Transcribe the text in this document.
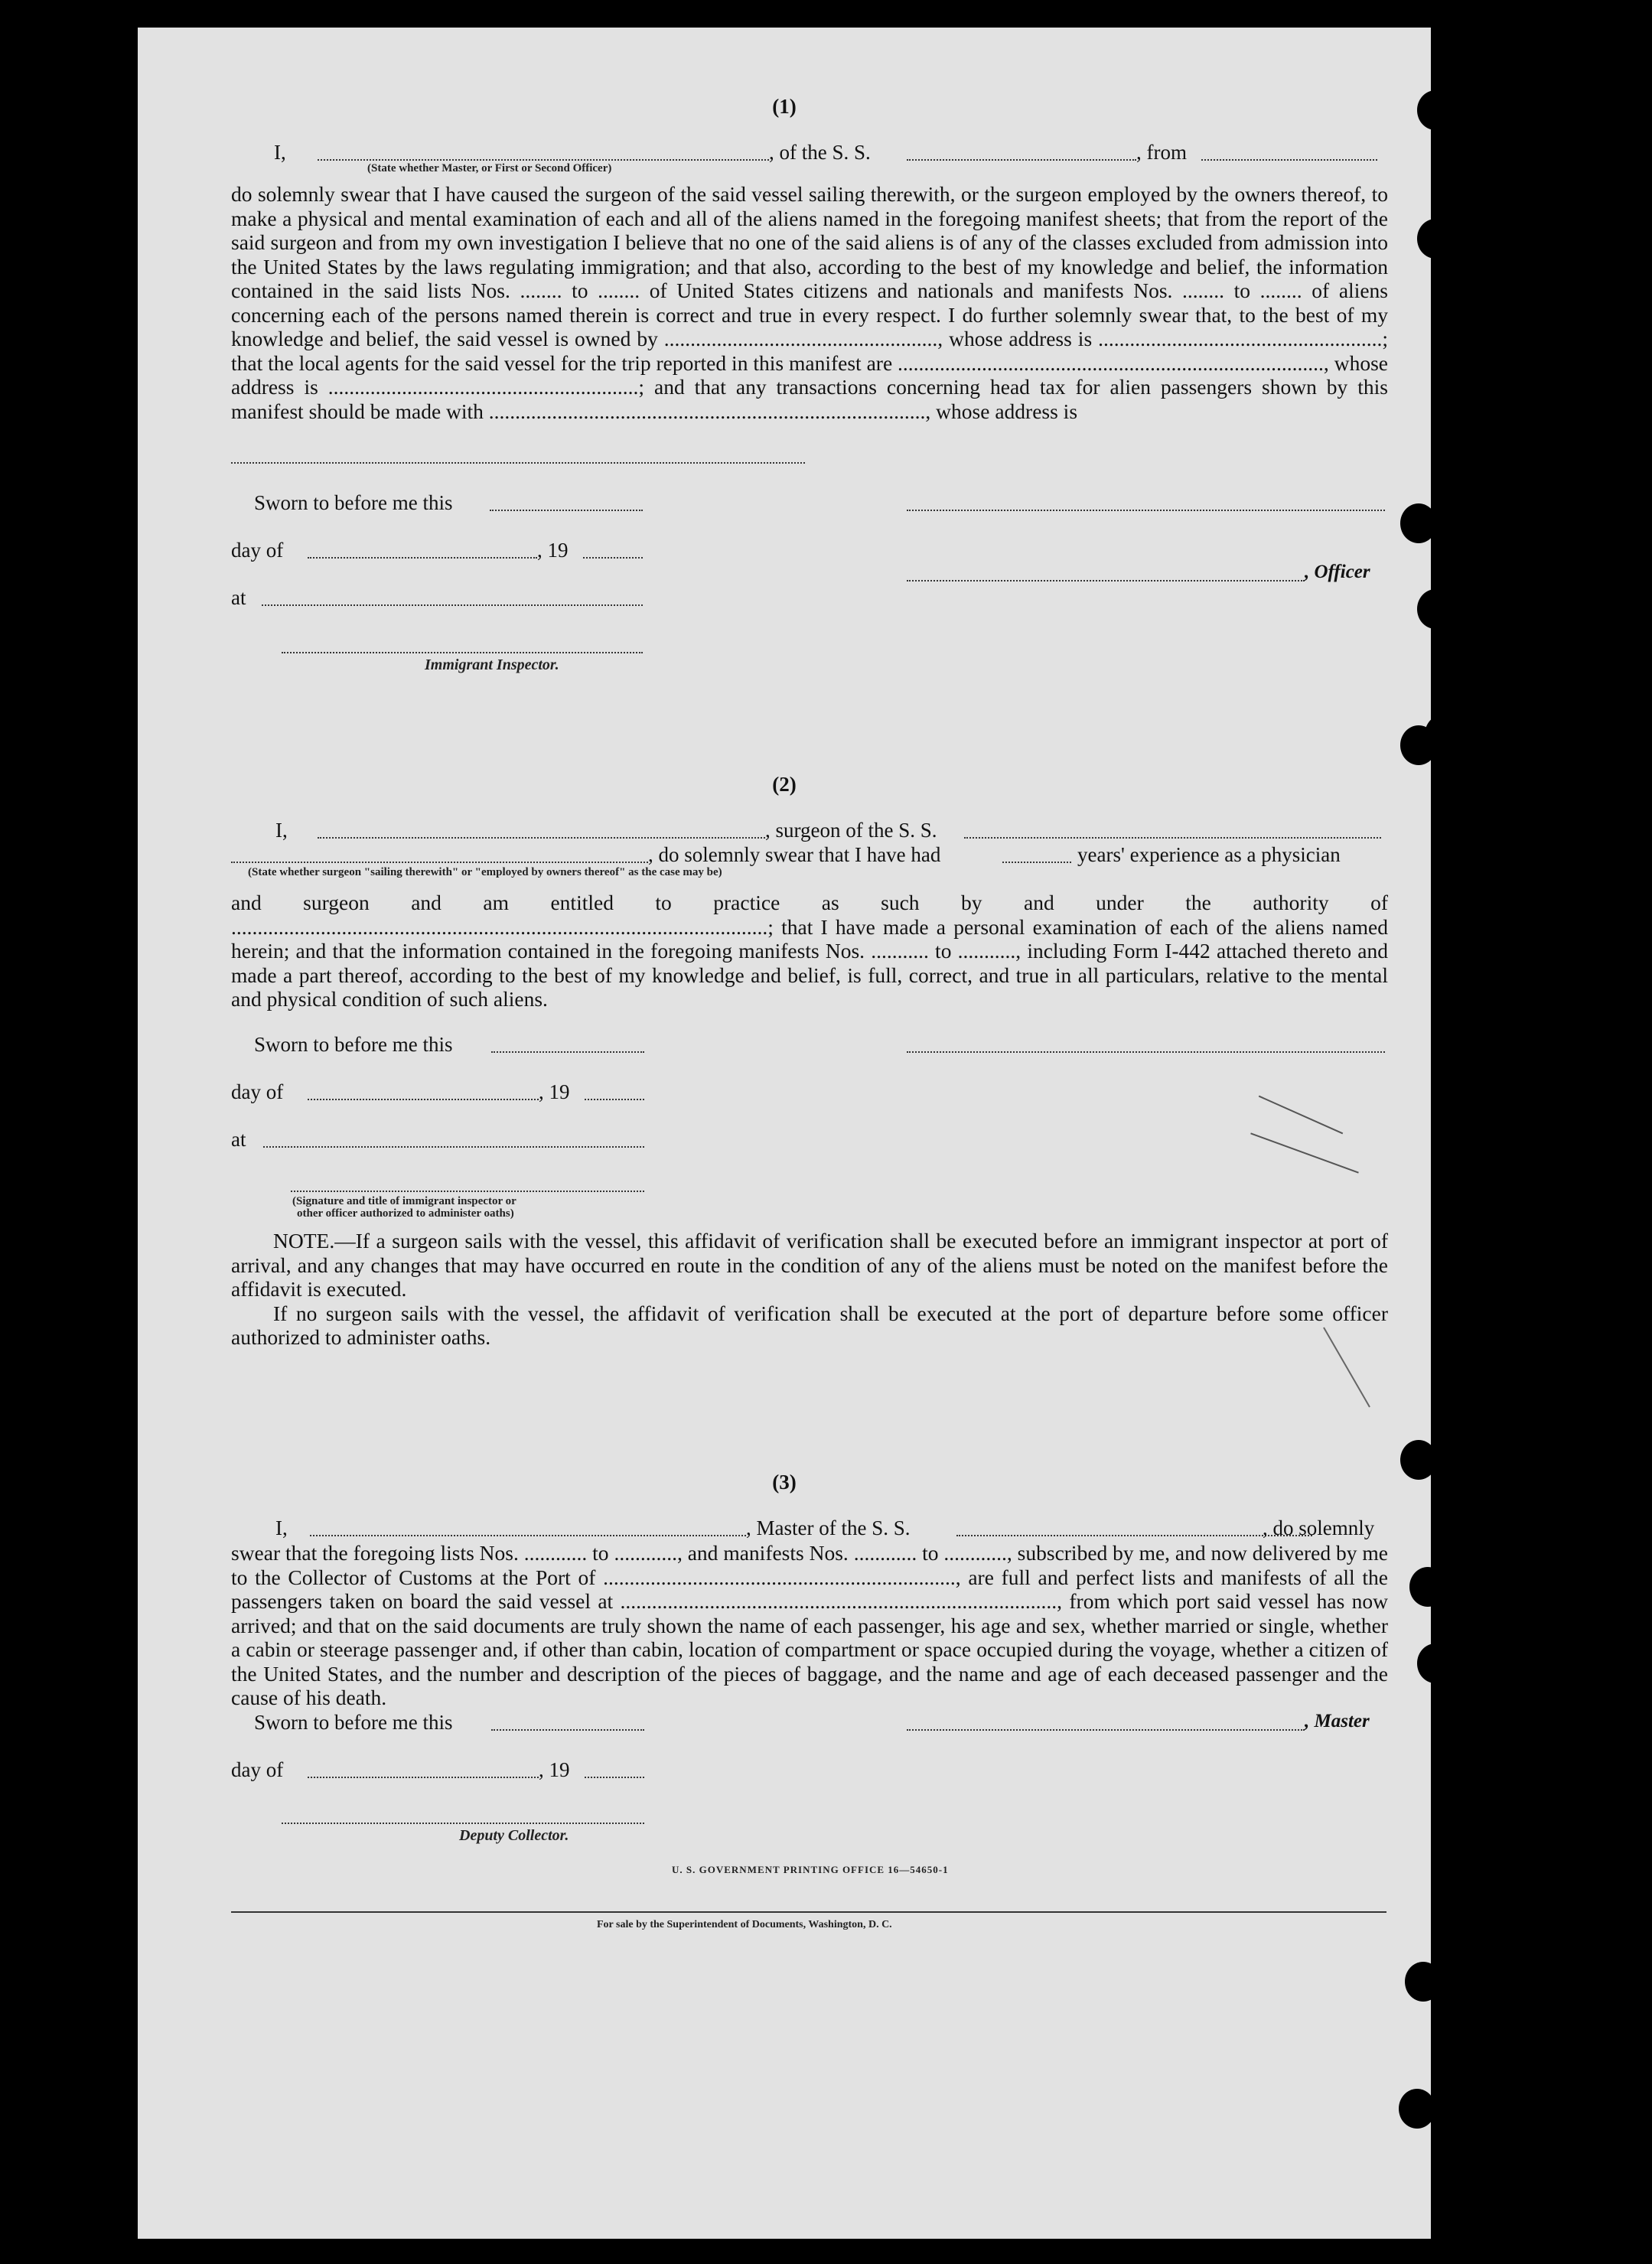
(1)
I,	, of the S. S.	, from
(State whether Master, or First or Second Officer)

do solemnly swear that I have caused the surgeon of the said vessel sailing therewith, or the surgeon employed by the owners thereof, to make a physical and mental examination of each and all of the aliens named in the foregoing manifest sheets; that from the report of the said surgeon and from my own investigation I believe that no one of the said aliens is of any of the classes excluded from admission into the United States by the laws regulating immigration; and that also, according to the best of my knowledge and belief, the information contained in the said lists Nos. ........ to ........ of United States citizens and nationals and manifests Nos. ........ to ........ of aliens concerning each of the persons named therein is correct and true in every respect. I do further solemnly swear that, to the best of my knowledge and belief, the said vessel is owned by ...................................................., whose address is ......................................................; that the local agents for the said vessel for the trip reported in this manifest are ................................................................................., whose address is ...........................................................; and that any transactions concerning head tax for alien passengers shown by this manifest should be made with ..................................................................................., whose address is

Sworn to before me this
day of	, 19
, Officer
at
Immigrant Inspector.
(2)
I,	, surgeon of the S. S.
, do solemnly swear that I have had	years' experience as a physician
(State whether surgeon "sailing therewith" or "employed by owners thereof" as the case may be)

and surgeon and am entitled to practice as such by and under the authority of ......................................................................................................; that I have made a personal examination of each of the aliens named herein; and that the information contained in the foregoing manifests Nos. ........... to ..........., including Form I-442 attached thereto and made a part thereof, according to the best of my knowledge and belief, is full, correct, and true in all particulars, relative to the mental and physical condition of such aliens.

Sworn to before me this
day of	, 19
at
(Signature and title of immigrant inspector or
other officer authorized to administer oaths)

NOTE.—If a surgeon sails with the vessel, this affidavit of verification shall be executed before an immigrant inspector at port of arrival, and any changes that may have occurred en route in the condition of any of the aliens must be noted on the manifest before the affidavit is executed.

If no surgeon sails with the vessel, the affidavit of verification shall be executed at the port of departure before some officer authorized to administer oaths.

(3)
I,	, Master of the S. S.	, do solemnly

swear that the foregoing lists Nos. ............ to ............, and manifests Nos. ............ to ............, subscribed by me, and now delivered by me to the Collector of Customs at the Port of ..................................................................., are full and perfect lists and manifests of all the passengers taken on board the said vessel at ..................................................................................., from which port said vessel has now arrived; and that on the said documents are truly shown the name of each passenger, his age and sex, whether married or single, whether a cabin or steerage passenger and, if other than cabin, location of compartment or space occupied during the voyage, whether a citizen of the United States, and the number and description of the pieces of baggage, and the name and age of each deceased passenger and the cause of his death.

Sworn to before me this	, Master
day of	, 19
Deputy Collector.
U. S. GOVERNMENT PRINTING OFFICE 16—54650-1
For sale by the Superintendent of Documents, Washington, D. C.
